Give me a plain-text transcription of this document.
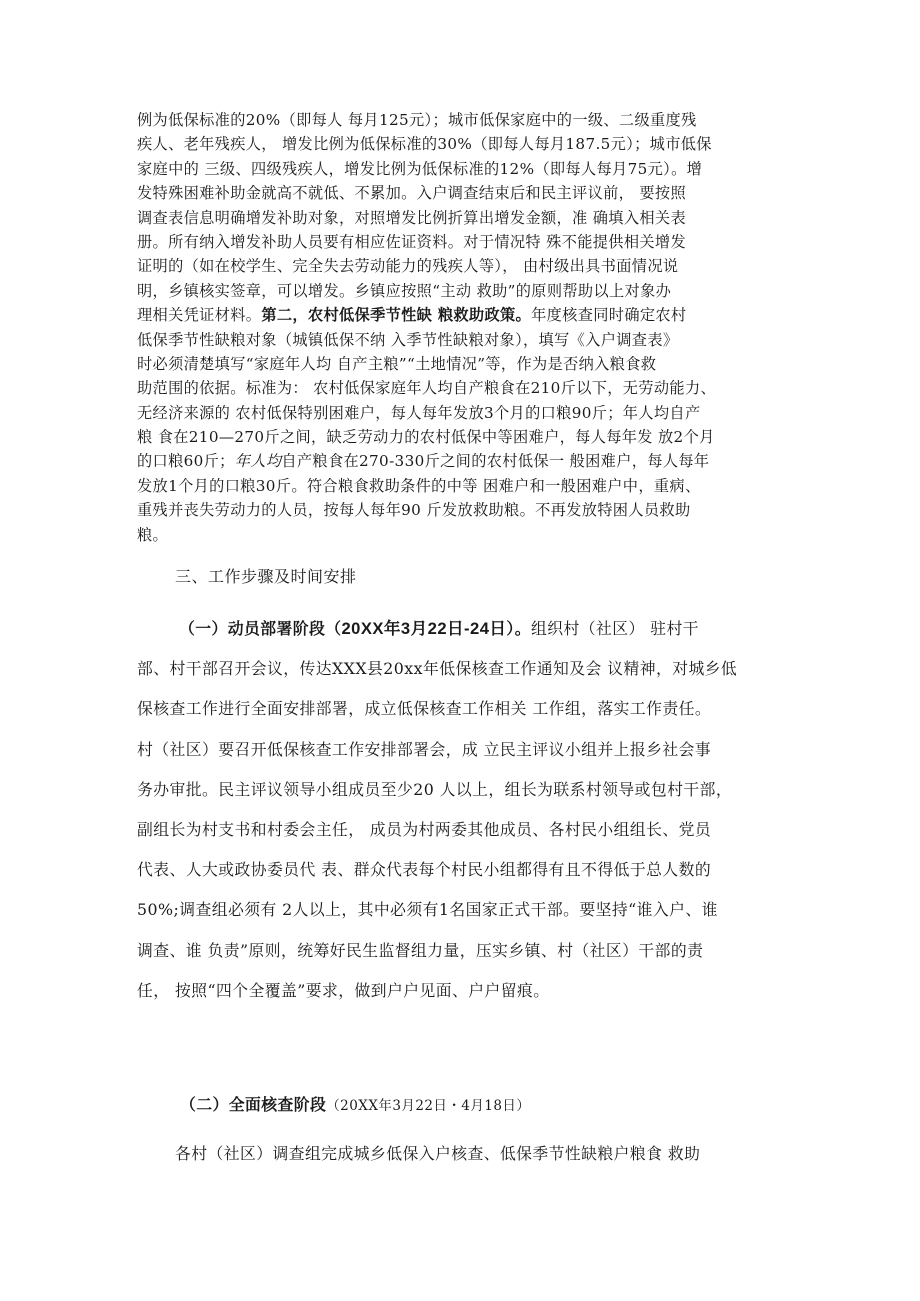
例为低保标准的20%（即每人 每月125元）；城市低保家庭中的一级、二级重度残
疾人、老年残疾人， 增发比例为低保标准的30%（即每人每月187.5元）；城市低保
家庭中的 三级、四级残疾人，增发比例为低保标准的12%（即每人每月75元）。增
发特殊困难补助金就高不就低、不累加。入户调查结束后和民主评议前， 要按照
调查表信息明确增发补助对象，对照增发比例折算出增发金额，准 确填入相关表
册。所有纳入增发补助人员要有相应佐证资料。对于情况特 殊不能提供相关增发
证明的（如在校学生、完全失去劳动能力的残疾人等）， 由村级出具书面情况说
明，乡镇核实签章，可以增发。乡镇应按照“主动 救助”的原则帮助以上对象办
理相关凭证材料。第二，农村低保季节性缺 粮救助政策。年度核查同时确定农村
低保季节性缺粮对象（城镇低保不纳 入季节性缺粮对象），填写《入户调查表》
时必须清楚填写“家庭年人均 自产主粮”“土地情况”等，作为是否纳入粮食救
助范围的依据。标准为： 农村低保家庭年人均自产粮食在210斤以下，无劳动能力、
无经济来源的 农村低保特别困难户，每人每年发放3个月的口粮90斤；年人均自产
粮 食在210—270斤之间，缺乏劳动力的农村低保中等困难户，每人每年发 放2个月
的口粮60斤；年人均自产粮食在270-330斤之间的农村低保一 般困难户，每人每年
发放1个月的口粮30斤。符合粮食救助条件的中等 困难户和一般困难户中，重病、
重残并丧失劳动力的人员，按每人每年90 斤发放救助粮。不再发放特困人员救助
粮。
三、工作步骤及时间安排
（一）动员部署阶段（20XX年3月22日-24日）。组织村（社区） 驻村干
部、村干部召开会议，传达XXX县20xx年低保核查工作通知及会 议精神，对城乡低
保核查工作进行全面安排部署，成立低保核查工作相关 工作组，落实工作责任。
村（社区）要召开低保核查工作安排部署会，成 立民主评议小组并上报乡社会事
务办审批。民主评议领导小组成员至少20 人以上，组长为联系村领导或包村干部，
副组长为村支书和村委会主任， 成员为村两委其他成员、各村民小组组长、党员
代表、人大或政协委员代 表、群众代表每个村民小组都得有且不得低于总人数的
50%;调查组必须有 2人以上，其中必须有1名国家正式干部。要坚持“谁入户、谁
调查、谁 负责”原则，统筹好民生监督组力量，压实乡镇、村（社区）干部的责
任， 按照“四个全覆盖”要求，做到户户见面、户户留痕。
（二）全面核查阶段（20XX年3月22日・4月18日）
各村（社区）调查组完成城乡低保入户核查、低保季节性缺粮户粮食 救助
